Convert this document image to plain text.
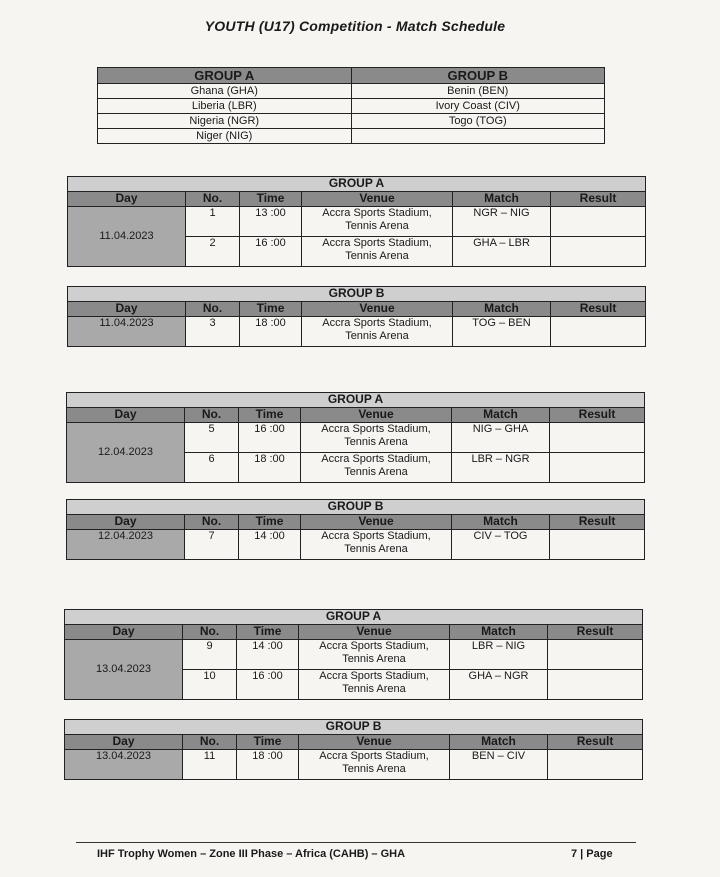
YOUTH (U17) Competition - Match Schedule
GROUP A	GROUP B
Ghana (GHA)	Benin (BEN)
Liberia (LBR)	Ivory Coast (CIV)
Nigeria (NGR)	Togo (TOG)
Niger (NIG)	
GROUP A					
Day	No.	Time	Venue	Match	Result
11.04.2023	1	13 :00	Accra Sports Stadium,
Tennis Arena	NGR – NIG	
	2	16 :00	Accra Sports Stadium,
Tennis Arena	GHA – LBR	
GROUP B					
Day	No.	Time	Venue	Match	Result
11.04.2023	3	18 :00	Accra Sports Stadium,
Tennis Arena	TOG – BEN	
GROUP A					
Day	No.	Time	Venue	Match	Result
12.04.2023	5	16 :00	Accra Sports Stadium,
Tennis Arena	NIG – GHA	
	6	18 :00	Accra Sports Stadium,
Tennis Arena	LBR – NGR	
GROUP B					
Day	No.	Time	Venue	Match	Result
12.04.2023	7	14 :00	Accra Sports Stadium,
Tennis Arena	CIV – TOG	
GROUP A					
Day	No.	Time	Venue	Match	Result
13.04.2023	9	14 :00	Accra Sports Stadium,
Tennis Arena	LBR – NIG	
	10	16 :00	Accra Sports Stadium,
Tennis Arena	GHA – NGR	
GROUP B					
Day	No.	Time	Venue	Match	Result
13.04.2023	11	18 :00	Accra Sports Stadium,
Tennis Arena	BEN – CIV	
IHF Trophy Women – Zone III Phase – Africa (CAHB) – GHA	7 | Page
